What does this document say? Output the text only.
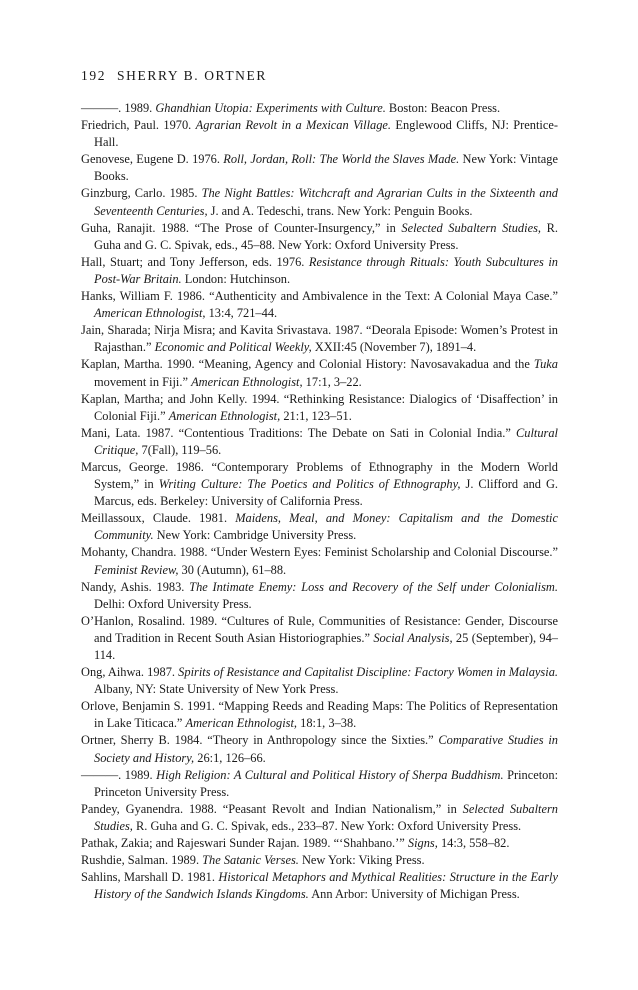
192 SHERRY B. ORTNER

———. 1989. Ghandhian Utopia: Experiments with Culture. Boston: Beacon Press.

Friedrich, Paul. 1970. Agrarian Revolt in a Mexican Village. Englewood Cliffs, NJ: Prentice-Hall.

Genovese, Eugene D. 1976. Roll, Jordan, Roll: The World the Slaves Made. New York: Vintage Books.

Ginzburg, Carlo. 1985. The Night Battles: Witchcraft and Agrarian Cults in the Sixteenth and Seventeenth Centuries, J. and A. Tedeschi, trans. New York: Penguin Books.

Guha, Ranajit. 1988. “The Prose of Counter-Insurgency,” in Selected Subaltern Studies, R. Guha and G. C. Spivak, eds., 45–88. New York: Oxford University Press.

Hall, Stuart; and Tony Jefferson, eds. 1976. Resistance through Rituals: Youth Subcultures in Post-War Britain. London: Hutchinson.

Hanks, William F. 1986. “Authenticity and Ambivalence in the Text: A Colonial Maya Case.” American Ethnologist, 13:4, 721–44.

Jain, Sharada; Nirja Misra; and Kavita Srivastava. 1987. “Deorala Episode: Women’s Protest in Rajasthan.” Economic and Political Weekly, XXII:45 (November 7), 1891–4.

Kaplan, Martha. 1990. “Meaning, Agency and Colonial History: Navosavakadua and the Tuka movement in Fiji.” American Ethnologist, 17:1, 3–22.

Kaplan, Martha; and John Kelly. 1994. “Rethinking Resistance: Dialogics of ‘Disaffection’ in Colonial Fiji.” American Ethnologist, 21:1, 123–51.

Mani, Lata. 1987. “Contentious Traditions: The Debate on Sati in Colonial India.” Cultural Critique, 7(Fall), 119–56.

Marcus, George. 1986. “Contemporary Problems of Ethnography in the Modern World System,” in Writing Culture: The Poetics and Politics of Ethnography, J. Clifford and G. Marcus, eds. Berkeley: University of California Press.

Meillassoux, Claude. 1981. Maidens, Meal, and Money: Capitalism and the Domestic Community. New York: Cambridge University Press.

Mohanty, Chandra. 1988. “Under Western Eyes: Feminist Scholarship and Colonial Discourse.” Feminist Review, 30 (Autumn), 61–88.

Nandy, Ashis. 1983. The Intimate Enemy: Loss and Recovery of the Self under Colonialism. Delhi: Oxford University Press.

O’Hanlon, Rosalind. 1989. “Cultures of Rule, Communities of Resistance: Gender, Discourse and Tradition in Recent South Asian Historiographies.” Social Analysis, 25 (September), 94–114.

Ong, Aihwa. 1987. Spirits of Resistance and Capitalist Discipline: Factory Women in Malaysia. Albany, NY: State University of New York Press.

Orlove, Benjamin S. 1991. “Mapping Reeds and Reading Maps: The Politics of Representation in Lake Titicaca.” American Ethnologist, 18:1, 3–38.

Ortner, Sherry B. 1984. “Theory in Anthropology since the Sixties.” Comparative Studies in Society and History, 26:1, 126–66.

———. 1989. High Religion: A Cultural and Political History of Sherpa Buddhism. Princeton: Princeton University Press.

Pandey, Gyanendra. 1988. “Peasant Revolt and Indian Nationalism,” in Selected Subaltern Studies, R. Guha and G. C. Spivak, eds., 233–87. New York: Oxford University Press.

Pathak, Zakia; and Rajeswari Sunder Rajan. 1989. “‘Shahbano.’” Signs, 14:3, 558–82.

Rushdie, Salman. 1989. The Satanic Verses. New York: Viking Press.

Sahlins, Marshall D. 1981. Historical Metaphors and Mythical Realities: Structure in the Early History of the Sandwich Islands Kingdoms. Ann Arbor: University of Michigan Press.
